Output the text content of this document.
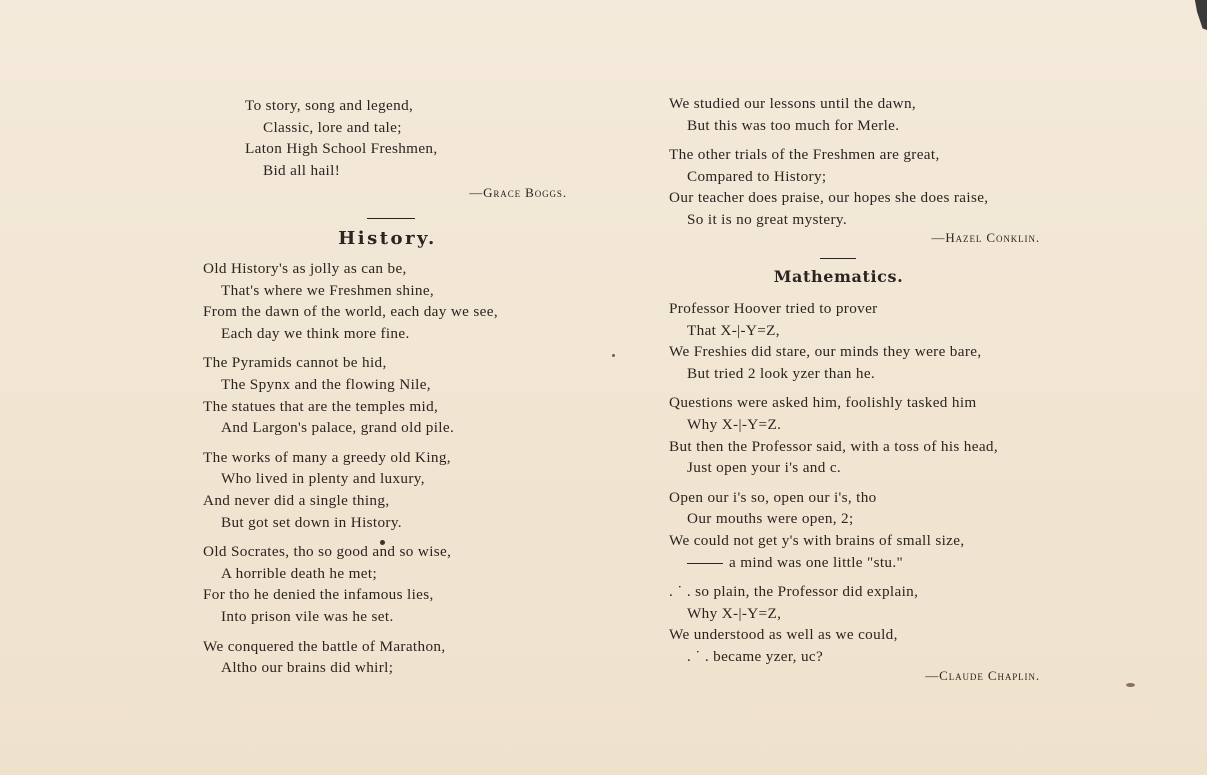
To story, song and legend,
Classic, lore and tale;
Laton High School Freshmen,
Bid all hail!
—Grace Boggs.
History.
Old History's as jolly as can be,
That's where we Freshmen shine,
From the dawn of the world, each day we see,
Each day we think more fine.
The Pyramids cannot be hid,
The Spynx and the flowing Nile,
The statues that are the temples mid,
And Largon's palace, grand old pile.
The works of many a greedy old King,
Who lived in plenty and luxury,
And never did a single thing,
But got set down in History.
Old Socrates, tho so good and so wise,
A horrible death he met;
For tho he denied the infamous lies,
Into prison vile was he set.
We conquered the battle of Marathon,
Altho our brains did whirl;
We studied our lessons until the dawn,
But this was too much for Merle.
The other trials of the Freshmen are great,
Compared to History;
Our teacher does praise, our hopes she does raise,
So it is no great mystery.
—Hazel Conklin.
Mathematics.
Professor Hoover tried to prover
That X-|-Y=Z,
We Freshies did stare, our minds they were bare,
But tried 2 look yzer than he.
Questions were asked him, foolishly tasked him
Why X-|-Y=Z.
But then the Professor said, with a toss of his head,
Just open your i's and c.
Open our i's so, open our i's, tho
Our mouths were open, 2;
We could not get y's with brains of small size,
a mind was one little "stu."
. ˙ . so plain, the Professor did explain,
Why X-|-Y=Z,
We understood as well as we could,
. ˙ . became yzer, uc?
—Claude Chaplin.
